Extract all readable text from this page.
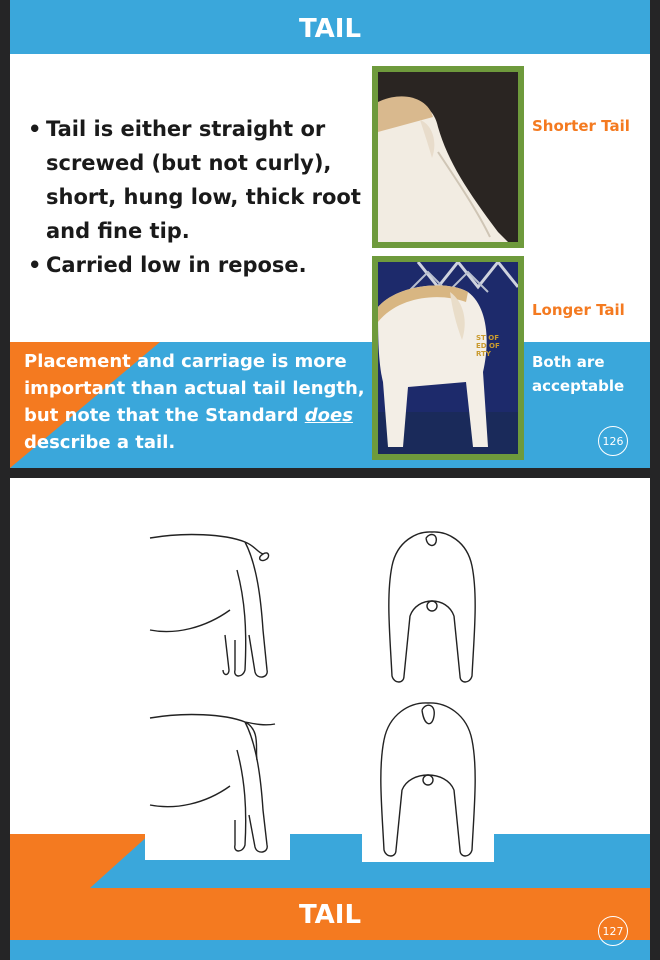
TAIL
• Tail is either straight or screwed (but not curly), short, hung low, thick root and fine tip.
• Carried low in repose.
Placement and carriage is more important than actual tail length, but note that the Standard does describe a tail.
ST OF
ED OF
RTY
Shorter Tail
Longer Tail
Both are acceptable
126
TAIL
127
